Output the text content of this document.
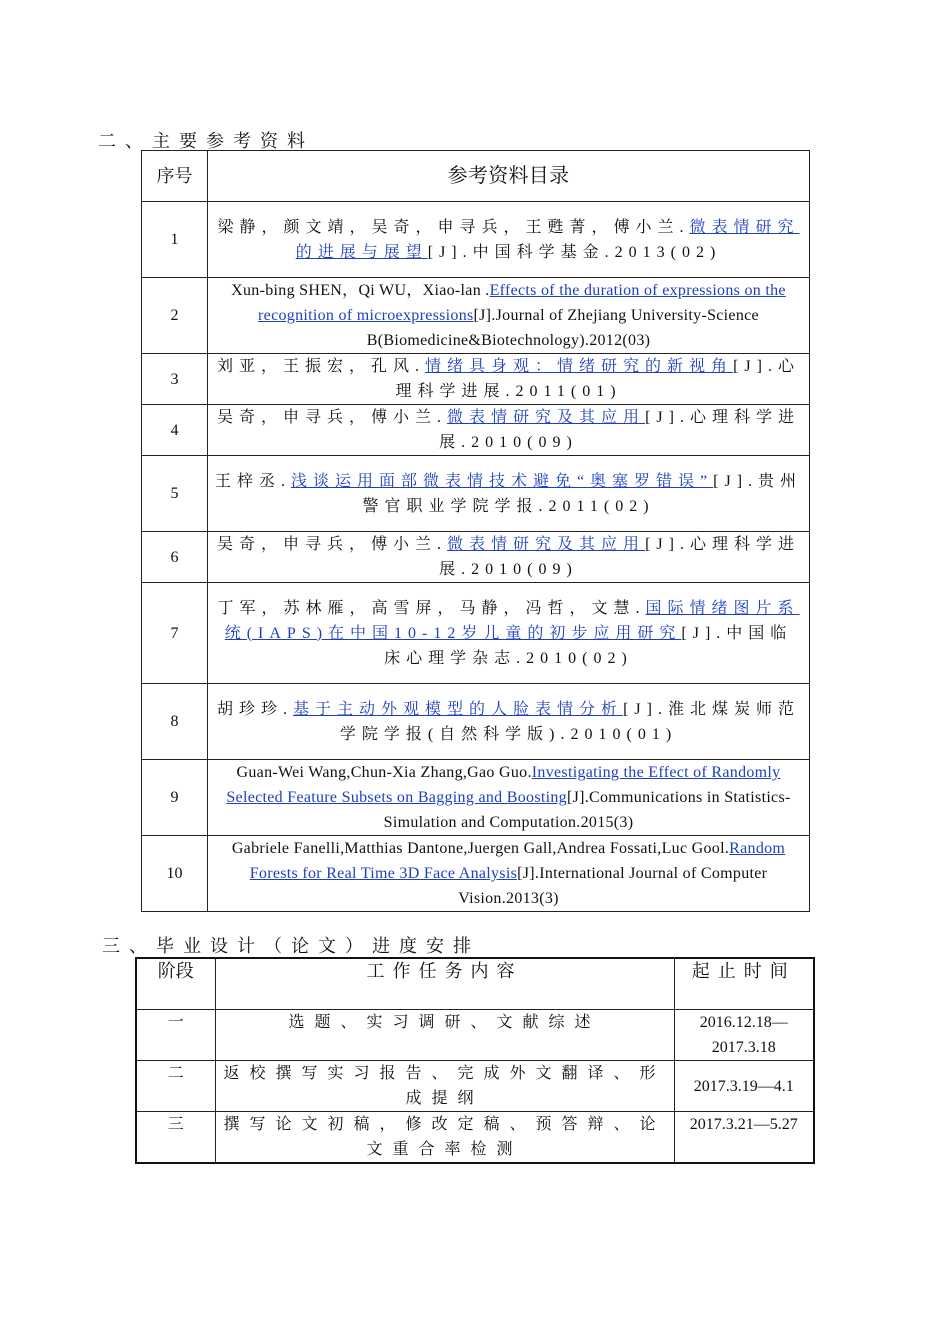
二、主要参考资料
序号	参考资料目录
1	梁静，颜文靖，吴奇，申寻兵，王甦菁，傅小兰.微表情研究的进展与展望[J].中国科学基金.2013(02)
2	Xun-bing SHEN，Qi WU，Xiao-lan .Effects of the duration of expressions on the recognition of microexpressions[J].Journal of Zhejiang University-Science B(Biomedicine&Biotechnology).2012(03)
3	刘亚，王振宏，孔风.情绪具身观：情绪研究的新视角[J].心理科学进展.2011(01)
4	吴奇，申寻兵，傅小兰.微表情研究及其应用[J].心理科学进展.2010(09)
5	王梓丞.浅谈运用面部微表情技术避免“奥塞罗错误”[J].贵州警官职业学院学报.2011(02)
6	吴奇，申寻兵，傅小兰.微表情研究及其应用[J].心理科学进展.2010(09)
7	丁军，苏林雁，高雪屏，马静，冯哲，文慧.国际情绪图片系统(IAPS)在中国10-12岁儿童的初步应用研究[J].中国临床心理学杂志.2010(02)
8	胡珍珍.基于主动外观模型的人脸表情分析[J].淮北煤炭师范学院学报(自然科学版).2010(01)
9	Guan-Wei Wang,Chun-Xia Zhang,Gao Guo.Investigating the Effect of Randomly Selected Feature Subsets on Bagging and Boosting[J].Communications in Statistics-Simulation and Computation.2015(3)
10	Gabriele Fanelli,Matthias Dantone,Juergen Gall,Andrea Fossati,Luc Gool.Random Forests for Real Time 3D Face Analysis[J].International Journal of Computer Vision.2013(3)
三、毕业设计（论文）进度安排
阶段	工作任务内容	起止时间
一	选题、实习调研、文献综述	2016.12.18—2017.3.18
二	返校撰写实习报告、完成外文翻译、形成提纲	2017.3.19—4.1
三	撰写论文初稿，修改定稿、预答辩、论文重合率检测	2017.3.21—5.27
